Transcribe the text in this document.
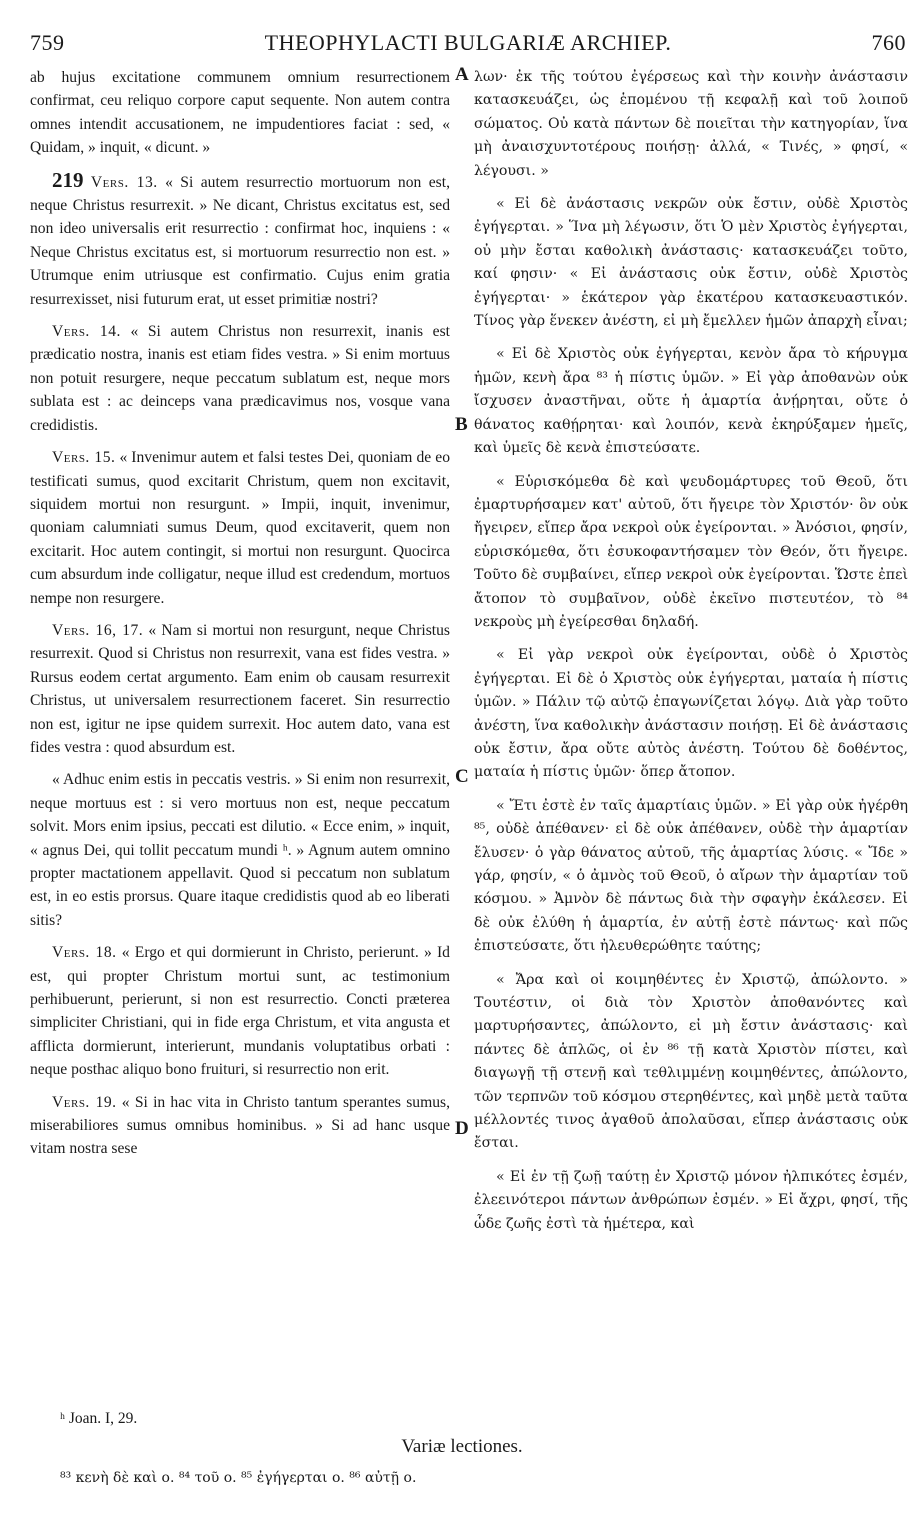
759	THEOPHYLACTI BULGARIÆ ARCHIEP.	760

ab hujus excitatione communem omnium resurrectionem confirmat, ceu reliquo corpore caput sequente. Non autem contra omnes intendit accusationem, ne impudentiores faciat : sed, « Quidam, » inquit, « dicunt. »

219 Vers. 13. « Si autem resurrectio mortuorum non est, neque Christus resurrexit. » Ne dicant, Christus excitatus est, sed non ideo universalis erit resurrectio : confirmat hoc, inquiens : « Neque Christus excitatus est, si mortuorum resurrectio non est. » Utrumque enim utriusque est confirmatio. Cujus enim gratia resurrexisset, nisi futurum erat, ut esset primitiæ nostri?

Vers. 14. « Si autem Christus non resurrexit, inanis est prædicatio nostra, inanis est etiam fides vestra. » Si enim mortuus non potuit resurgere, neque peccatum sublatum est, neque mors sublata est : ac deinceps vana prædicavimus nos, vosque vana credidistis.

Vers. 15. « Invenimur autem et falsi testes Dei, quoniam de eo testificati sumus, quod excitarit Christum, quem non excitavit, siquidem mortui non resurgunt. » Impii, inquit, invenimur, quoniam calumniati sumus Deum, quod excitaverit, quem non excitarit. Hoc autem contingit, si mortui non resurgunt. Quocirca cum absurdum inde colligatur, neque illud est credendum, mortuos nempe non resurgere.

Vers. 16, 17. « Nam si mortui non resurgunt, neque Christus resurrexit. Quod si Christus non resurrexit, vana est fides vestra. » Rursus eodem certat argumento. Eam enim ob causam resurrexit Christus, ut universalem resurrectionem faceret. Sin resurrectio non est, igitur ne ipse quidem surrexit. Hoc autem dato, vana est fides vestra : quod absurdum est.

« Adhuc enim estis in peccatis vestris. » Si enim non resurrexit, neque mortuus est : si vero mortuus non est, neque peccatum solvit. Mors enim ipsius, peccati est dilutio. « Ecce enim, » inquit, « agnus Dei, qui tollit peccatum mundi ʰ. » Agnum autem omnino propter mactationem appellavit. Quod si peccatum non sublatum est, in eo estis prorsus. Quare itaque credidistis quod ab eo liberati sitis?

Vers. 18. « Ergo et qui dormierunt in Christo, perierunt. » Id est, qui propter Christum mortui sunt, ac testimonium perhibuerunt, perierunt, si non est resurrectio. Concti præterea simpliciter Christiani, qui in fide erga Christum, et vita angusta et afflicta dormierunt, interierunt, mundanis voluptatibus orbati : neque posthac aliquo bono fruituri, si resurrectio non erit.

Vers. 19. « Si in hac vita in Christo tantum sperantes sumus, miserabiliores sumus omnibus hominibus. » Si ad hanc usque vitam nostra sese

A
B
C
D

λων· ἐκ τῆς τούτου ἐγέρσεως καὶ τὴν κοινὴν ἀνάστασιν κατασκευάζει, ὡς ἑπομένου τῇ κεφαλῇ καὶ τοῦ λοιποῦ σώματος. Οὐ κατὰ πάντων δὲ ποιεῖται τὴν κατηγορίαν, ἵνα μὴ ἀναισχυντοτέρους ποιήσῃ· ἀλλά, « Τινές, » φησί, « λέγουσι. »

« Εἰ δὲ ἀνάστασις νεκρῶν οὐκ ἔστιν, οὐδὲ Χριστὸς ἐγήγερται. » Ἵνα μὴ λέγωσιν, ὅτι Ὁ μὲν Χριστὸς ἐγήγερται, οὐ μὴν ἔσται καθολικὴ ἀνάστασις· κατασκευάζει τοῦτο, καί φησιν· « Εἰ ἀνάστασις οὐκ ἔστιν, οὐδὲ Χριστὸς ἐγήγερται· » ἑκάτερον γὰρ ἑκατέρου κατασκευαστικόν. Τίνος γὰρ ἕνεκεν ἀνέστη, εἰ μὴ ἔμελλεν ἡμῶν ἀπαρχὴ εἶναι;

« Εἰ δὲ Χριστὸς οὐκ ἐγήγερται, κενὸν ἄρα τὸ κήρυγμα ἡμῶν, κενὴ ἄρα ⁸³ ἡ πίστις ὑμῶν. » Εἰ γὰρ ἀποθανὼν οὐκ ἴσχυσεν ἀναστῆναι, οὔτε ἡ ἁμαρτία ἀνῄρηται, οὔτε ὁ θάνατος καθῄρηται· καὶ λοιπόν, κενὰ ἐκηρύξαμεν ἡμεῖς, καὶ ὑμεῖς δὲ κενὰ ἐπιστεύσατε.

« Εὑρισκόμεθα δὲ καὶ ψευδομάρτυρες τοῦ Θεοῦ, ὅτι ἐμαρτυρήσαμεν κατ' αὐτοῦ, ὅτι ἤγειρε τὸν Χριστόν· ὃν οὐκ ἤγειρεν, εἴπερ ἄρα νεκροὶ οὐκ ἐγείρονται. » Ἀνόσιοι, φησίν, εὑρισκόμεθα, ὅτι ἐσυκοφαντήσαμεν τὸν Θεόν, ὅτι ἤγειρε. Τοῦτο δὲ συμβαίνει, εἴπερ νεκροὶ οὐκ ἐγείρονται. Ὥστε ἐπεὶ ἄτοπον τὸ συμβαῖνον, οὐδὲ ἐκεῖνο πιστευτέον, τὸ ⁸⁴ νεκροὺς μὴ ἐγείρεσθαι δηλαδή.

« Εἰ γὰρ νεκροὶ οὐκ ἐγείρονται, οὐδὲ ὁ Χριστὸς ἐγήγερται. Εἰ δὲ ὁ Χριστὸς οὐκ ἐγήγερται, ματαία ἡ πίστις ὑμῶν. » Πάλιν τῷ αὐτῷ ἐπαγωνίζεται λόγῳ. Διὰ γὰρ τοῦτο ἀνέστη, ἵνα καθολικὴν ἀνάστασιν ποιήσῃ. Εἰ δὲ ἀνάστασις οὐκ ἔστιν, ἄρα οὔτε αὐτὸς ἀνέστη. Τούτου δὲ δοθέντος, ματαία ἡ πίστις ὑμῶν· ὅπερ ἄτοπον.

« Ἔτι ἐστὲ ἐν ταῖς ἁμαρτίαις ὑμῶν. » Εἰ γὰρ οὐκ ἠγέρθη ⁸⁵, οὐδὲ ἀπέθανεν· εἰ δὲ οὐκ ἀπέθανεν, οὐδὲ τὴν ἁμαρτίαν ἔλυσεν· ὁ γὰρ θάνατος αὐτοῦ, τῆς ἁμαρτίας λύσις. « Ἴδε » γάρ, φησίν, « ὁ ἀμνὸς τοῦ Θεοῦ, ὁ αἴρων τὴν ἁμαρτίαν τοῦ κόσμου. » Ἀμνὸν δὲ πάντως διὰ τὴν σφαγὴν ἐκάλεσεν. Εἰ δὲ οὐκ ἐλύθη ἡ ἁμαρτία, ἐν αὐτῇ ἐστὲ πάντως· καὶ πῶς ἐπιστεύσατε, ὅτι ἠλευθερώθητε ταύτης;

« Ἄρα καὶ οἱ κοιμηθέντες ἐν Χριστῷ, ἀπώλοντο. » Τουτέστιν, οἱ διὰ τὸν Χριστὸν ἀποθανόντες καὶ μαρτυρήσαντες, ἀπώλοντο, εἰ μὴ ἔστιν ἀνάστασις· καὶ πάντες δὲ ἁπλῶς, οἱ ἐν ⁸⁶ τῇ κατὰ Χριστὸν πίστει, καὶ διαγωγῇ τῇ στενῇ καὶ τεθλιμμένῃ κοιμηθέντες, ἀπώλοντο, τῶν τερπνῶν τοῦ κόσμου στερηθέντες, καὶ μηδὲ μετὰ ταῦτα μέλλοντές τινος ἀγαθοῦ ἀπολαῦσαι, εἴπερ ἀνάστασις οὐκ ἔσται.

« Εἰ ἐν τῇ ζωῇ ταύτῃ ἐν Χριστῷ μόνον ἠλπικότες ἐσμέν, ἐλεεινότεροι πάντων ἀνθρώπων ἐσμέν. » Εἰ ἄχρι, φησί, τῆς ὧδε ζωῆς ἐστὶ τὰ ἡμέτερα, καὶ

ʰ Joan. I, 29.
Variæ lectiones.
⁸³ κενὴ δὲ καὶ ο. ⁸⁴ τοῦ ο. ⁸⁵ ἐγήγερται ο. ⁸⁶ αὐτῇ ο.
